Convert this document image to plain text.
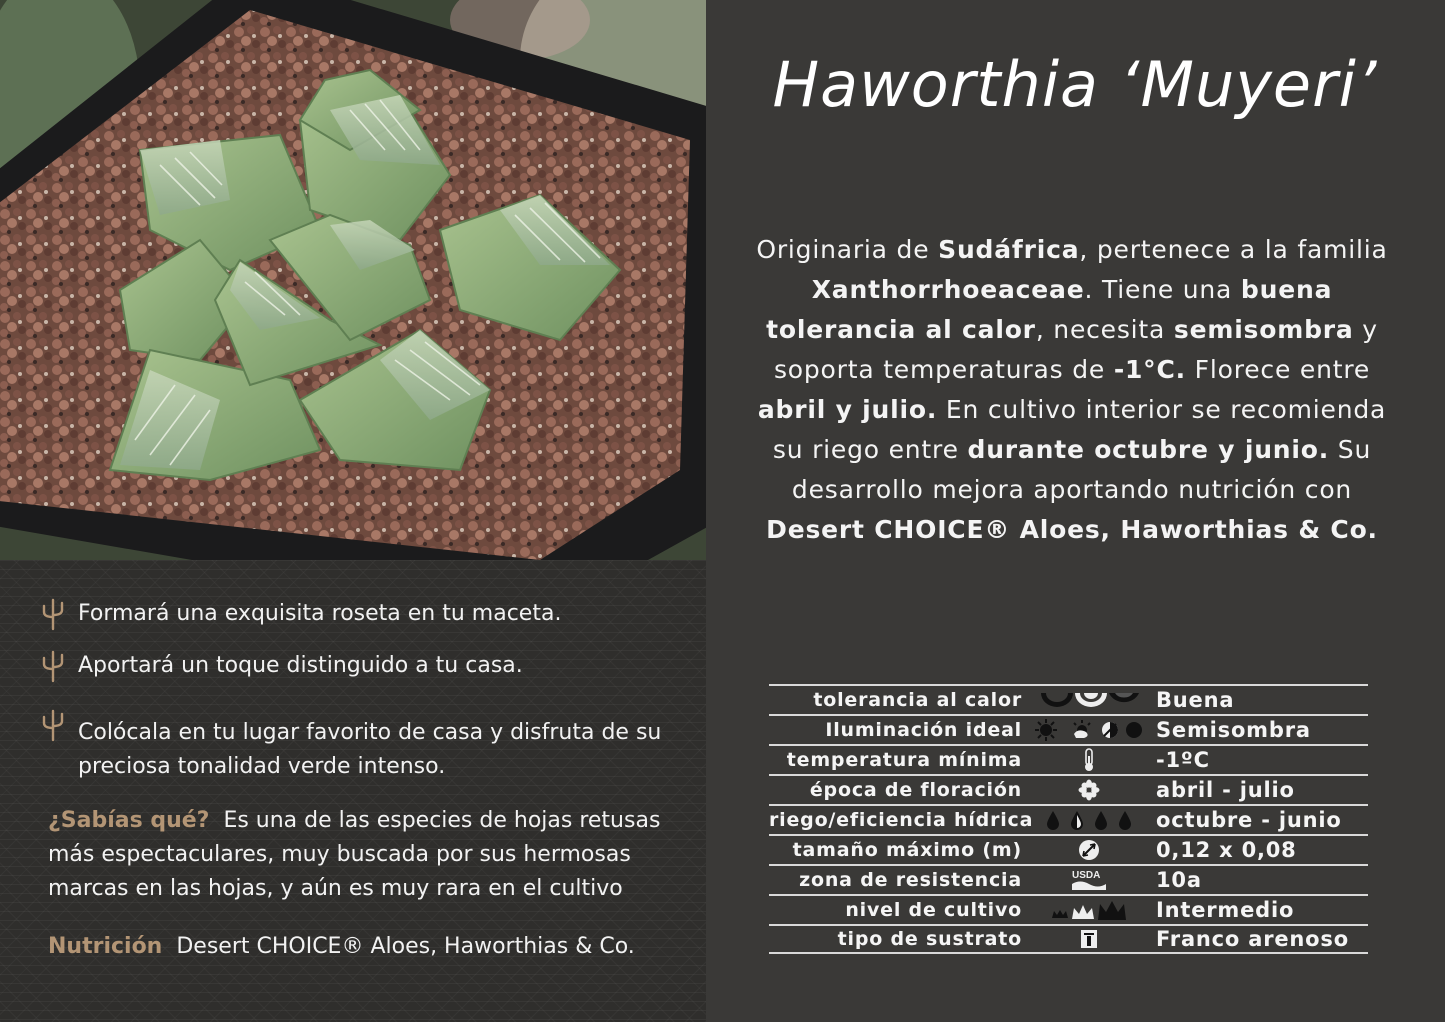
Formará una exquisita roseta en tu maceta.
Aportará un toque distinguido a tu casa.
Colócala en tu lugar favorito de casa y disfruta de su preciosa tonalidad verde intenso.
¿Sabías qué? Es una de las especies de hojas retusas más espectaculares, muy buscada por sus hermosas marcas en las hojas, y aún es muy rara en el cultivo
Nutrición Desert CHOICE® Aloes, Haworthias & Co.
Haworthia ‘Muyeri’
Originaria de Sudáfrica, pertenece a la familia Xanthorrhoeaceae. Tiene una buena tolerancia al calor, necesita semisombra y soporta temperaturas de -1°C. Florece entre abril y julio. En cultivo interior se recomienda su riego entre durante octubre y junio. Su desarrollo mejora aportando nutrición con Desert CHOICE® Aloes, Haworthias & Co.
tolerancia al calor	Buena
Iluminación ideal	Semisombra
temperatura mínima	-1ºC
época de floración	abril - julio
riego/eficiencia hídrica	octubre - junio
tamaño máximo (m)	0,12 x 0,08
zona de resistencia	USDA	10a
nivel de cultivo	Intermedio
tipo de sustrato	Franco arenoso
